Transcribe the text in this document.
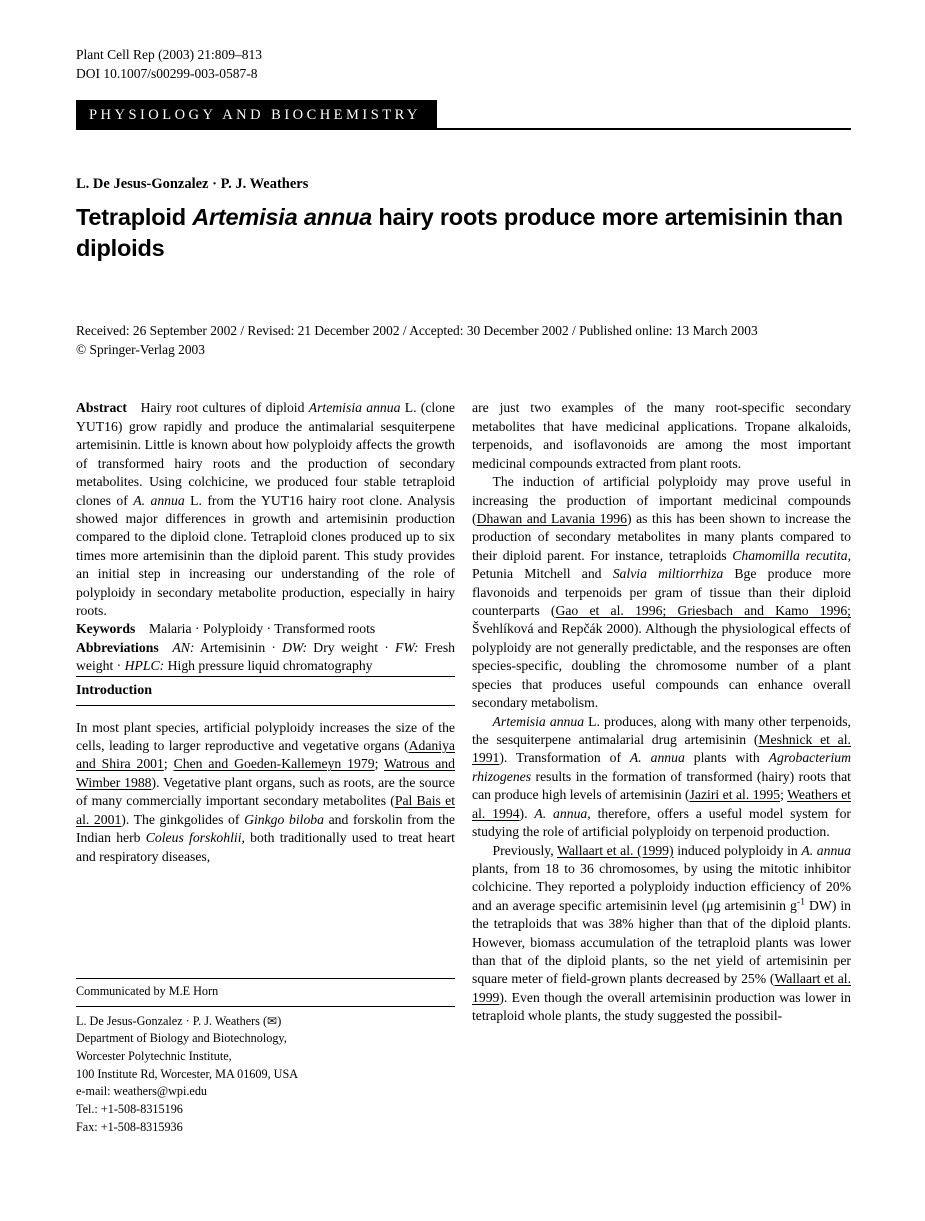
Plant Cell Rep (2003) 21:809–813
DOI 10.1007/s00299-003-0587-8
PHYSIOLOGY AND BIOCHEMISTRY
L. De Jesus-Gonzalez · P. J. Weathers
Tetraploid Artemisia annua hairy roots produce more artemisinin than diploids
Received: 26 September 2002 / Revised: 21 December 2002 / Accepted: 30 December 2002 / Published online: 13 March 2003
© Springer-Verlag 2003

Abstract Hairy root cultures of diploid Artemisia annua L. (clone YUT16) grow rapidly and produce the antimalarial sesquiterpene artemisinin. Little is known about how polyploidy affects the growth of transformed hairy roots and the production of secondary metabolites. Using colchicine, we produced four stable tetraploid clones of A. annua L. from the YUT16 hairy root clone. Analysis showed major differences in growth and artemisinin production compared to the diploid clone. Tetraploid clones produced up to six times more artemisinin than the diploid parent. This study provides an initial step in increasing our understanding of the role of polyploidy in secondary metabolite production, especially in hairy roots.

Keywords Malaria · Polyploidy · Transformed roots

Abbreviations  AN: Artemisinin · DW: Dry weight · FW: Fresh weight · HPLC: High pressure liquid chromatography

Introduction

In most plant species, artificial polyploidy increases the size of the cells, leading to larger reproductive and vegetative organs (Adaniya and Shira 2001; Chen and Goeden-Kallemeyn 1979; Watrous and Wimber 1988). Vegetative plant organs, such as roots, are the source of many commercially important secondary metabolites (Pal Bais et al. 2001). The ginkgolides of Ginkgo biloba and forskolin from the Indian herb Coleus forskohlii, both traditionally used to treat heart and respiratory diseases,

Communicated by M.E Horn
L. De Jesus-Gonzalez · P. J. Weathers (✉)
Department of Biology and Biotechnology,
Worcester Polytechnic Institute,
100 Institute Rd, Worcester, MA 01609, USA
e-mail: weathers@wpi.edu
Tel.: +1-508-8315196
Fax: +1-508-8315936

are just two examples of the many root-specific secondary metabolites that have medicinal applications. Tropane alkaloids, terpenoids, and isoflavonoids are among the most important medicinal compounds extracted from plant roots.

The induction of artificial polyploidy may prove useful in increasing the production of important medicinal compounds (Dhawan and Lavania 1996) as this has been shown to increase the production of secondary metabolites in many plants compared to their diploid parent. For instance, tetraploids Chamomilla recutita, Petunia Mitchell and Salvia miltiorrhiza Bge produce more flavonoids and terpenoids per gram of tissue than their diploid counterparts (Gao et al. 1996; Griesbach and Kamo 1996; Švehlíková and Repčák 2000). Although the physiological effects of polyploidy are not generally predictable, and the responses are often species-specific, doubling the chromosome number of a plant species that produces useful compounds can enhance overall secondary metabolism.

Artemisia annua L. produces, along with many other terpenoids, the sesquiterpene antimalarial drug artemisinin (Meshnick et al. 1991). Transformation of A. annua plants with Agrobacterium rhizogenes results in the formation of transformed (hairy) roots that can produce high levels of artemisinin (Jaziri et al. 1995; Weathers et al. 1994). A. annua, therefore, offers a useful model system for studying the role of artificial polyploidy on terpenoid production.

Previously, Wallaart et al. (1999) induced polyploidy in A. annua plants, from 18 to 36 chromosomes, by using the mitotic inhibitor colchicine. They reported a polyploidy induction efficiency of 20% and an average specific artemisinin level (μg artemisinin $g^{-1}$ DW) in the tetraploids that was 38% higher than that of the diploid plants. However, biomass accumulation of the tetraploid plants was lower than that of the diploid plants, so the net yield of artemisinin per square meter of field-grown plants decreased by 25% (Wallaart et al. 1999). Even though the overall artemisinin production was lower in tetraploid whole plants, the study suggested the possibil-
